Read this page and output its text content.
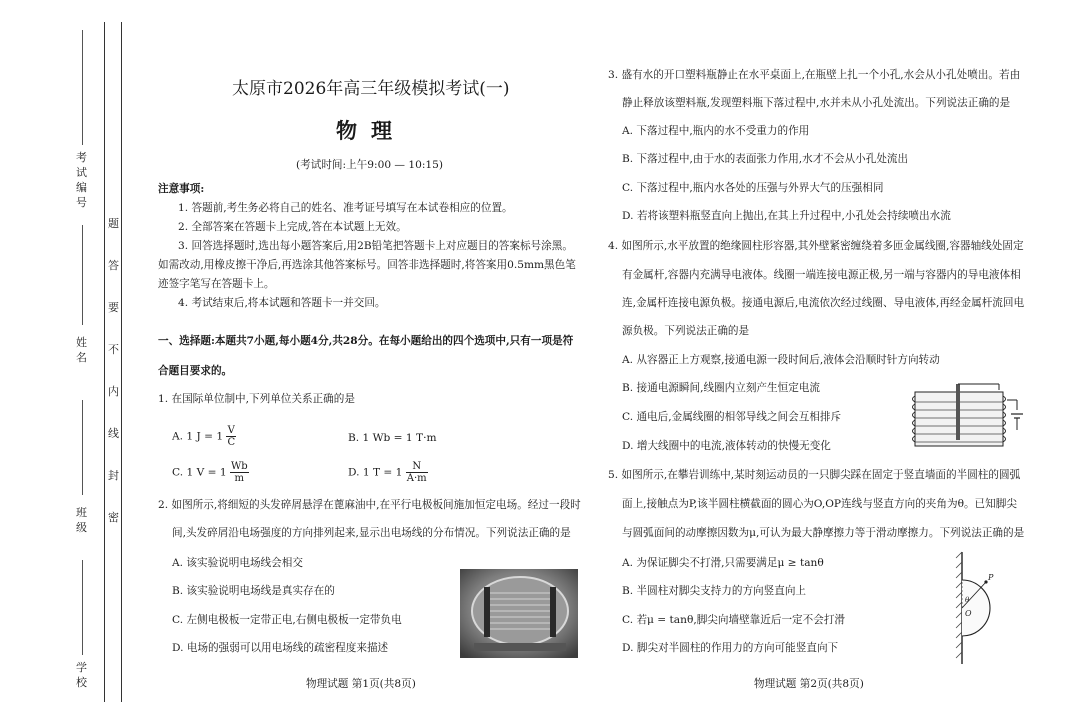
考试编号
姓名
班级
学校
密
封
线
内
不
要
答
题
太原市2026年高三年级模拟考试(一)
物理
(考试时间:上午9:00 — 10:15)
注意事项:
1. 答题前,考生务必将自己的姓名、准考证号填写在本试卷相应的位置。
2. 全部答案在答题卡上完成,答在本试题上无效。
3. 回答选择题时,选出每小题答案后,用2B铅笔把答题卡上对应题目的答案标号涂黑。
如需改动,用橡皮擦干净后,再选涂其他答案标号。回答非选择题时,将答案用0.5mm黑色笔
迹签字笔写在答题卡上。
4. 考试结束后,将本试题和答题卡一并交回。
一、选择题:本题共7小题,每小题4分,共28分。在每小题给出的四个选项中,只有一项是符
合题目要求的。
1. 在国际单位制中,下列单位关系正确的是
A. 1 $J = 1 \frac{V}{C}$	B. 1 Wb = 1 T·m
C. 1 $V = 1 \frac{Wb}{m}$	D. 1 $T = 1 \frac{N}{A\cdot m}$
2. 如图所示,将细短的头发碎屑悬浮在蓖麻油中,在平行电极板间施加恒定电场。经过一段时
间,头发碎屑沿电场强度的方向排列起来,显示出电场线的分布情况。下列说法正确的是
A. 该实验说明电场线会相交
B. 该实验说明电场线是真实存在的
C. 左侧电极板一定带正电,右侧电极板一定带负电
D. 电场的强弱可以用电场线的疏密程度来描述
物理试题 第1页(共8页)
3. 盛有水的开口塑料瓶静止在水平桌面上,在瓶壁上扎一个小孔,水会从小孔处喷出。若由
静止释放该塑料瓶,发现塑料瓶下落过程中,水并未从小孔处流出。下列说法正确的是
A. 下落过程中,瓶内的水不受重力的作用
B. 下落过程中,由于水的表面张力作用,水才不会从小孔处流出
C. 下落过程中,瓶内水各处的压强与外界大气的压强相同
D. 若将该塑料瓶竖直向上抛出,在其上升过程中,小孔处会持续喷出水流
4. 如图所示,水平放置的绝缘圆柱形容器,其外壁紧密缠绕着多匝金属线圈,容器轴线处固定
有金属杆,容器内充满导电液体。线圈一端连接电源正极,另一端与容器内的导电液体相
连,金属杆连接电源负极。接通电源后,电流依次经过线圈、导电液体,再经金属杆流回电
源负极。下列说法正确的是
A. 从容器正上方观察,接通电源一段时间后,液体会沿顺时针方向转动
B. 接通电源瞬间,线圈内立刻产生恒定电流
C. 通电后,金属线圈的相邻导线之间会互相排斥
D. 增大线圈中的电流,液体转动的快慢无变化
5. 如图所示,在攀岩训练中,某时刻运动员的一只脚尖踩在固定于竖直墙面的半圆柱的圆弧
面上,接触点为P,该半圆柱横截面的圆心为O,OP连线与竖直方向的夹角为θ。已知脚尖
与圆弧面间的动摩擦因数为μ,可认为最大静摩擦力等于滑动摩擦力。下列说法正确的是
A. 为保证脚尖不打滑,只需要满足μ ≥ tanθ
B. 半圆柱对脚尖支持力的方向竖直向上
C. 若μ = tanθ,脚尖向墙壁靠近后一定不会打滑
D. 脚尖对半圆柱的作用力的方向可能竖直向下
P
θ
O
物理试题 第2页(共8页)
